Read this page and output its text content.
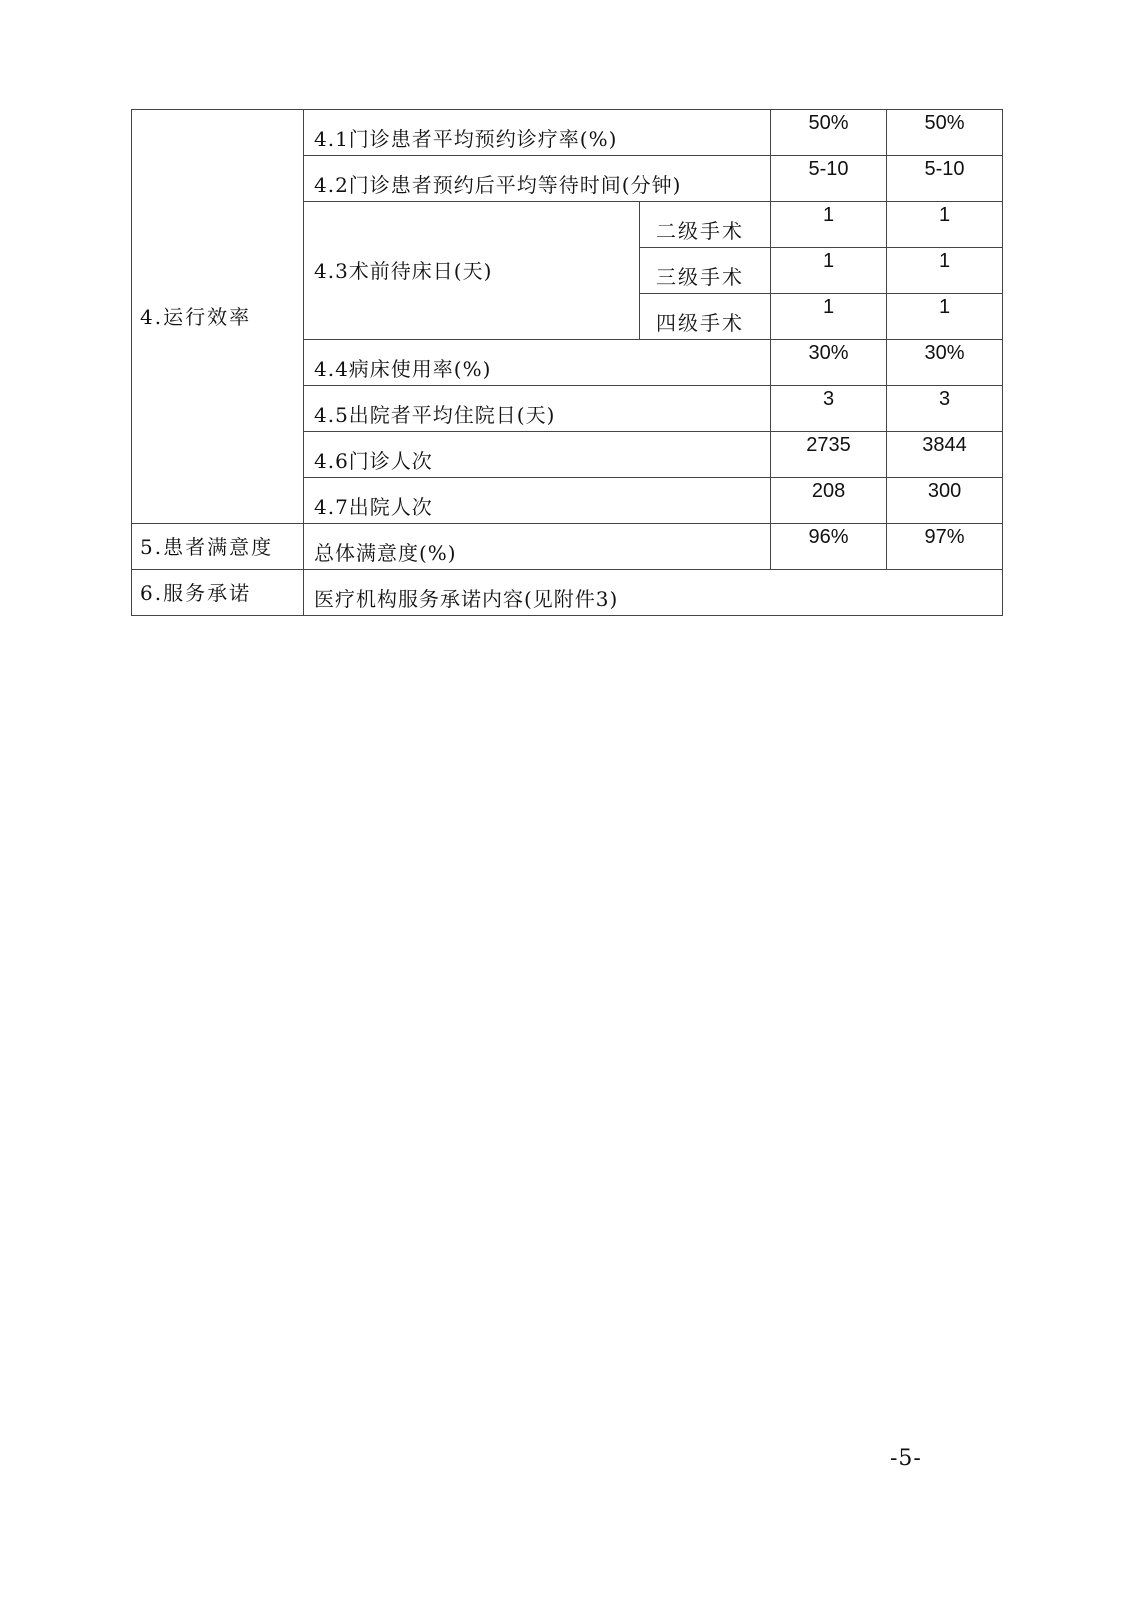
4.运行效率	4.1门诊患者平均预约诊疗率(%)		50%	50%
	4.2门诊患者预约后平均等待时间(分钟)		5-10	5-10
	4.3术前待床日(天)	二级手术	1	1
		三级手术	1	1
		四级手术	1	1
	4.4病床使用率(%)		30%	30%
	4.5出院者平均住院日(天)		3	3
	4.6门诊人次		2735	3844
	4.7出院人次		208	300
5.患者满意度	总体满意度(%)		96%	97%
6.服务承诺	医疗机构服务承诺内容(见附件3)			
-5-
